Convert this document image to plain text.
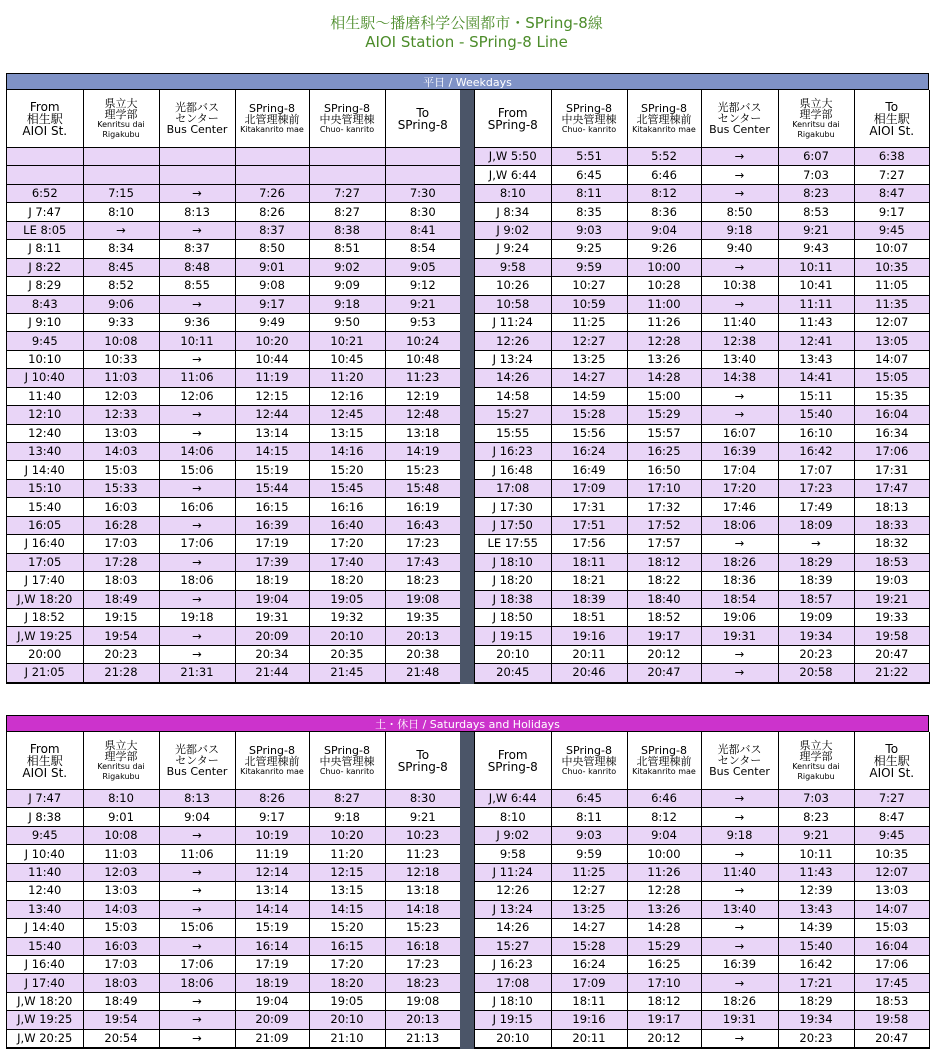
相生駅～播磨科学公園都市・SPring-8線
AIOI Station - SPring-8 Line
平日 / Weekdays
From
相生駅
AIOI St.	県立大
理学部
Kenritsu dai
Rigakubu	光都バス
センター
Bus Center	SPring-8
北管理棟前
Kitakanrito mae	SPring-8
中央管理棟
Chuo- kanrito	To
SPring-8

6:52	7:15	→	7:26	7:27	7:30
J 7:47	8:10	8:13	8:26	8:27	8:30
LE 8:05	→	→	8:37	8:38	8:41
J 8:11	8:34	8:37	8:50	8:51	8:54
J 8:22	8:45	8:48	9:01	9:02	9:05
J 8:29	8:52	8:55	9:08	9:09	9:12
8:43	9:06	→	9:17	9:18	9:21
J 9:10	9:33	9:36	9:49	9:50	9:53
9:45	10:08	10:11	10:20	10:21	10:24
10:10	10:33	→	10:44	10:45	10:48
J 10:40	11:03	11:06	11:19	11:20	11:23
11:40	12:03	12:06	12:15	12:16	12:19
12:10	12:33	→	12:44	12:45	12:48
12:40	13:03	→	13:14	13:15	13:18
13:40	14:03	14:06	14:15	14:16	14:19
J 14:40	15:03	15:06	15:19	15:20	15:23
15:10	15:33	→	15:44	15:45	15:48
15:40	16:03	16:06	16:15	16:16	16:19
16:05	16:28	→	16:39	16:40	16:43
J 16:40	17:03	17:06	17:19	17:20	17:23
17:05	17:28	→	17:39	17:40	17:43
J 17:40	18:03	18:06	18:19	18:20	18:23
J,W 18:20	18:49	→	19:04	19:05	19:08
J 18:52	19:15	19:18	19:31	19:32	19:35
J,W 19:25	19:54	→	20:09	20:10	20:13
20:00	20:23	→	20:34	20:35	20:38
J 21:05	21:28	21:31	21:44	21:45	21:48
From
SPring-8	SPring-8
中央管理棟
Chuo- kanrito	SPring-8
北管理棟前
Kitakanrito mae	光都バス
センター
Bus Center	県立大
理学部
Kenritsu dai
Rigakubu	To
相生駅
AIOI St.

J,W 5:50	5:51	5:52	→	6:07	6:38
J,W 6:44	6:45	6:46	→	7:03	7:27
8:10	8:11	8:12	→	8:23	8:47
J 8:34	8:35	8:36	8:50	8:53	9:17
J 9:02	9:03	9:04	9:18	9:21	9:45
J 9:24	9:25	9:26	9:40	9:43	10:07
9:58	9:59	10:00	→	10:11	10:35
10:26	10:27	10:28	10:38	10:41	11:05
10:58	10:59	11:00	→	11:11	11:35
J 11:24	11:25	11:26	11:40	11:43	12:07
12:26	12:27	12:28	12:38	12:41	13:05
J 13:24	13:25	13:26	13:40	13:43	14:07
14:26	14:27	14:28	14:38	14:41	15:05
14:58	14:59	15:00	→	15:11	15:35
15:27	15:28	15:29	→	15:40	16:04
15:55	15:56	15:57	16:07	16:10	16:34
J 16:23	16:24	16:25	16:39	16:42	17:06
J 16:48	16:49	16:50	17:04	17:07	17:31
17:08	17:09	17:10	17:20	17:23	17:47
J 17:30	17:31	17:32	17:46	17:49	18:13
J 17:50	17:51	17:52	18:06	18:09	18:33
LE 17:55	17:56	17:57	→	→	18:32
J 18:10	18:11	18:12	18:26	18:29	18:53
J 18:20	18:21	18:22	18:36	18:39	19:03
J 18:38	18:39	18:40	18:54	18:57	19:21
J 18:50	18:51	18:52	19:06	19:09	19:33
J 19:15	19:16	19:17	19:31	19:34	19:58
20:10	20:11	20:12	→	20:23	20:47
20:45	20:46	20:47	→	20:58	21:22
土・休日 / Saturdays and Holidays
From
相生駅
AIOI St.	県立大
理学部
Kenritsu dai
Rigakubu	光都バス
センター
Bus Center	SPring-8
北管理棟前
Kitakanrito mae	SPring-8
中央管理棟
Chuo- kanrito	To
SPring-8

J 7:47	8:10	8:13	8:26	8:27	8:30
J 8:38	9:01	9:04	9:17	9:18	9:21
9:45	10:08	→	10:19	10:20	10:23
J 10:40	11:03	11:06	11:19	11:20	11:23
11:40	12:03	→	12:14	12:15	12:18
12:40	13:03	→	13:14	13:15	13:18
13:40	14:03	→	14:14	14:15	14:18
J 14:40	15:03	15:06	15:19	15:20	15:23
15:40	16:03	→	16:14	16:15	16:18
J 16:40	17:03	17:06	17:19	17:20	17:23
J 17:40	18:03	18:06	18:19	18:20	18:23
J,W 18:20	18:49	→	19:04	19:05	19:08
J,W 19:25	19:54	→	20:09	20:10	20:13
J,W 20:25	20:54	→	21:09	21:10	21:13
From
SPring-8	SPring-8
中央管理棟
Chuo- kanrito	SPring-8
北管理棟前
Kitakanrito mae	光都バス
センター
Bus Center	県立大
理学部
Kenritsu dai
Rigakubu	To
相生駅
AIOI St.

J,W 6:44	6:45	6:46	→	7:03	7:27
8:10	8:11	8:12	→	8:23	8:47
J 9:02	9:03	9:04	9:18	9:21	9:45
9:58	9:59	10:00	→	10:11	10:35
J 11:24	11:25	11:26	11:40	11:43	12:07
12:26	12:27	12:28	→	12:39	13:03
J 13:24	13:25	13:26	13:40	13:43	14:07
14:26	14:27	14:28	→	14:39	15:03
15:27	15:28	15:29	→	15:40	16:04
J 16:23	16:24	16:25	16:39	16:42	17:06
17:08	17:09	17:10	→	17:21	17:45
J 18:10	18:11	18:12	18:26	18:29	18:53
J 19:15	19:16	19:17	19:31	19:34	19:58
20:10	20:11	20:12	→	20:23	20:47
